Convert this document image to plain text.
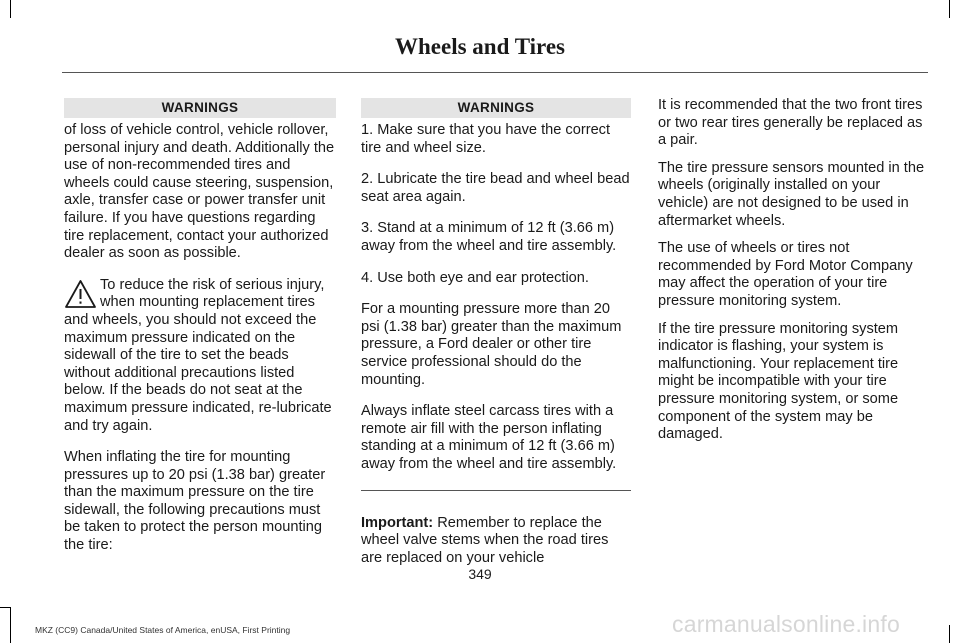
Wheels and Tires
WARNINGS

of loss of vehicle control, vehicle rollover, personal injury and death. Additionally the use of non-recommended tires and wheels could cause steering, suspension, axle, transfer case or power transfer unit failure. If you have questions regarding tire replacement, contact your authorized dealer as soon as possible.

To reduce the risk of serious injury, when mounting replacement tires and wheels, you should not exceed the maximum pressure indicated on the sidewall of the tire to set the beads without additional precautions listed below. If the beads do not seat at the maximum pressure indicated, re-lubricate and try again.

When inflating the tire for mounting pressures up to 20 psi (1.38 bar) greater than the maximum pressure on the tire sidewall, the following precautions must be taken to protect the person mounting the tire:

WARNINGS

1. Make sure that you have the correct tire and wheel size.

2. Lubricate the tire bead and wheel bead seat area again.

3. Stand at a minimum of 12 ft (3.66 m) away from the wheel and tire assembly.

4. Use both eye and ear protection.

For a mounting pressure more than 20 psi (1.38 bar) greater than the maximum pressure, a Ford dealer or other tire service professional should do the mounting.

Always inflate steel carcass tires with a remote air fill with the person inflating standing at a minimum of 12 ft (3.66 m) away from the wheel and tire assembly.

Important: Remember to replace the wheel valve stems when the road tires are replaced on your vehicle

It is recommended that the two front tires or two rear tires generally be replaced as a pair.

The tire pressure sensors mounted in the wheels (originally installed on your vehicle) are not designed to be used in aftermarket wheels.

The use of wheels or tires not recommended by Ford Motor Company may affect the operation of your tire pressure monitoring system.

If the tire pressure monitoring system indicator is flashing, your system is malfunctioning. Your replacement tire might be incompatible with your tire pressure monitoring system, or some component of the system may be damaged.

349
MKZ (CC9) Canada/United States of America, enUSA, First Printing	carmanualsonline.info
